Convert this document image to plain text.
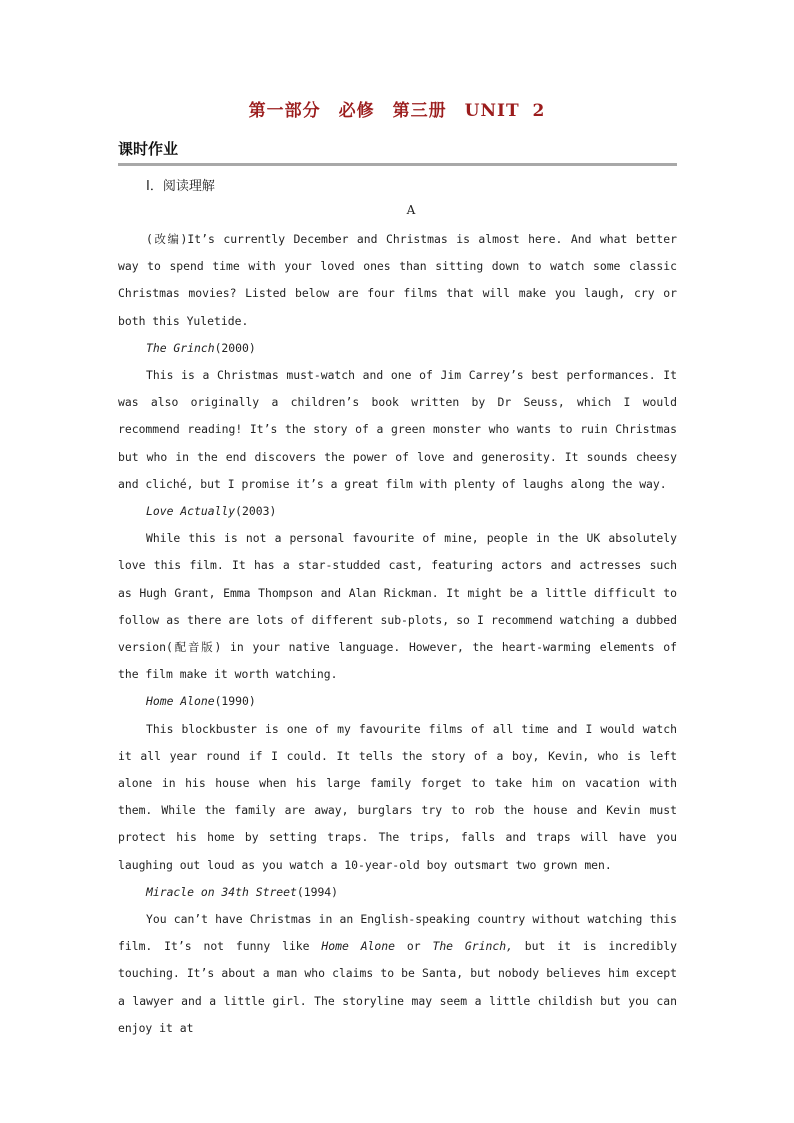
第一部分　必修　第三册　UNIT 2
课时作业
Ⅰ．阅读理解
A

(改编)It’s currently December and Christmas is almost here. And what better way to spend time with your loved ones than sitting down to watch some classic Christmas movies? Listed below are four films that will make you laugh, cry or both this Yuletide.

The Grinch(2000)

This is a Christmas must-watch and one of Jim Carrey’s best performances. It was also originally a children’s book written by Dr Seuss, which I would recommend reading! It’s the story of a green monster who wants to ruin Christmas but who in the end discovers the power of love and generosity. It sounds cheesy and cliché, but I promise it’s a great film with plenty of laughs along the way.

Love Actually(2003)

While this is not a personal favourite of mine, people in the UK absolutely love this film. It has a star-studded cast, featuring actors and actresses such as Hugh Grant, Emma Thompson and Alan Rickman. It might be a little difficult to follow as there are lots of different sub-plots, so I recommend watching a dubbed version(配音版) in your native language. However, the heart-warming elements of the film make it worth watching.

Home Alone(1990)

This blockbuster is one of my favourite films of all time and I would watch it all year round if I could. It tells the story of a boy, Kevin, who is left alone in his house when his large family forget to take him on vacation with them. While the family are away, burglars try to rob the house and Kevin must protect his home by setting traps. The trips, falls and traps will have you laughing out loud as you watch a 10-year-old boy outsmart two grown men.

Miracle on 34th Street(1994)

You can’t have Christmas in an English-speaking country without watching this film. It’s not funny like Home Alone or The Grinch, but it is incredibly touching. It’s about a man who claims to be Santa, but nobody believes him except a lawyer and a little girl. The storyline may seem a little childish but you can enjoy it at
